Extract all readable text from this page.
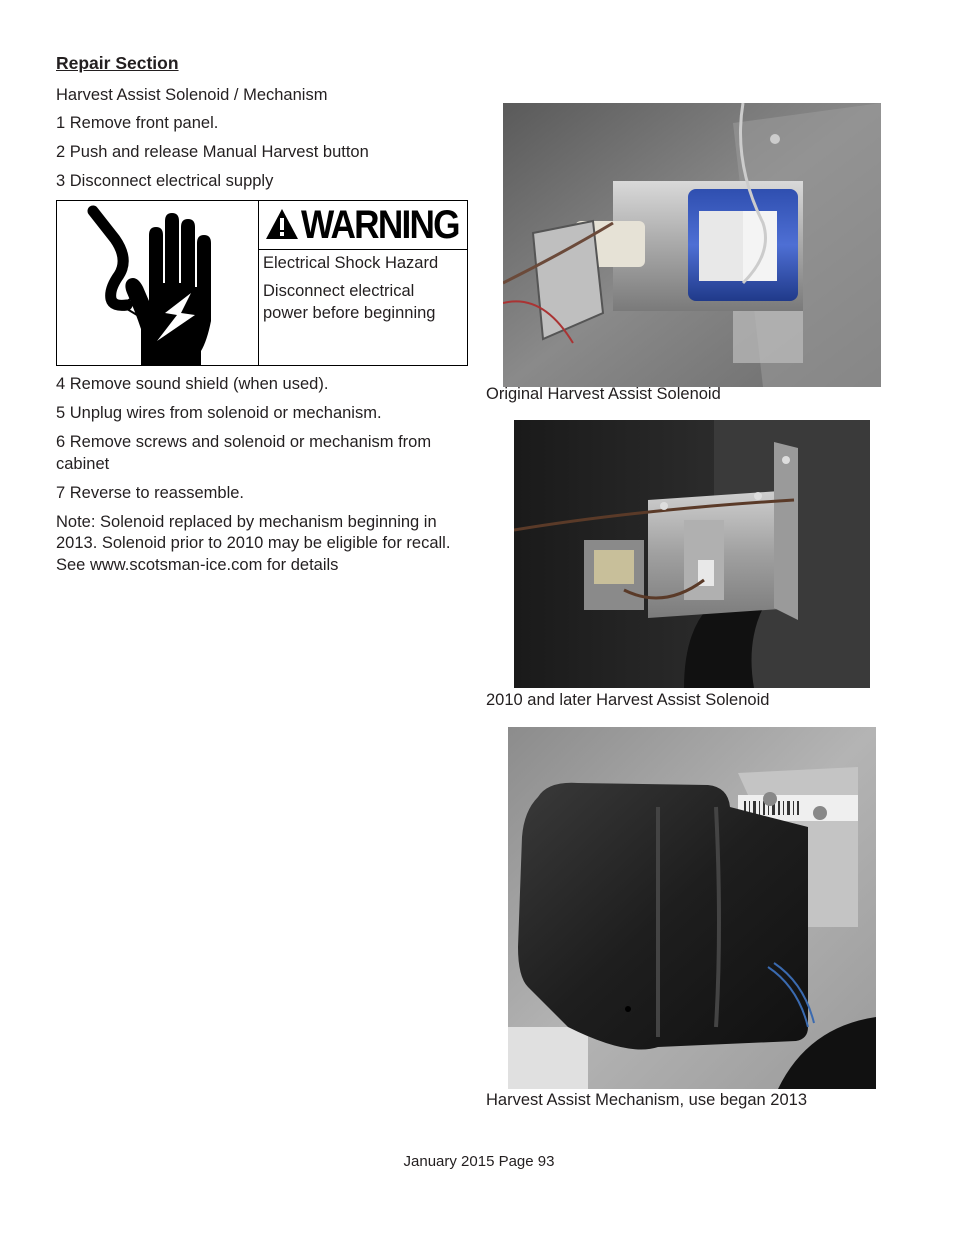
Repair Section
Harvest Assist Solenoid / Mechanism
1 Remove front panel.
2 Push and release Manual Harvest button
3 Disconnect electrical supply
WARNING
Electrical Shock Hazard
Disconnect electrical
power before beginning
4 Remove sound shield (when used).
5 Unplug wires from solenoid or mechanism.
6 Remove screws and solenoid or mechanism from cabinet
7 Reverse to reassemble.
Note: Solenoid replaced by mechanism beginning in
2013. Solenoid prior to 2010 may be eligible for recall.
See www.scotsman-ice.com for details
Original Harvest Assist Solenoid
2010 and later Harvest Assist Solenoid
Harvest Assist Mechanism, use began 2013
January 2015 Page 93
